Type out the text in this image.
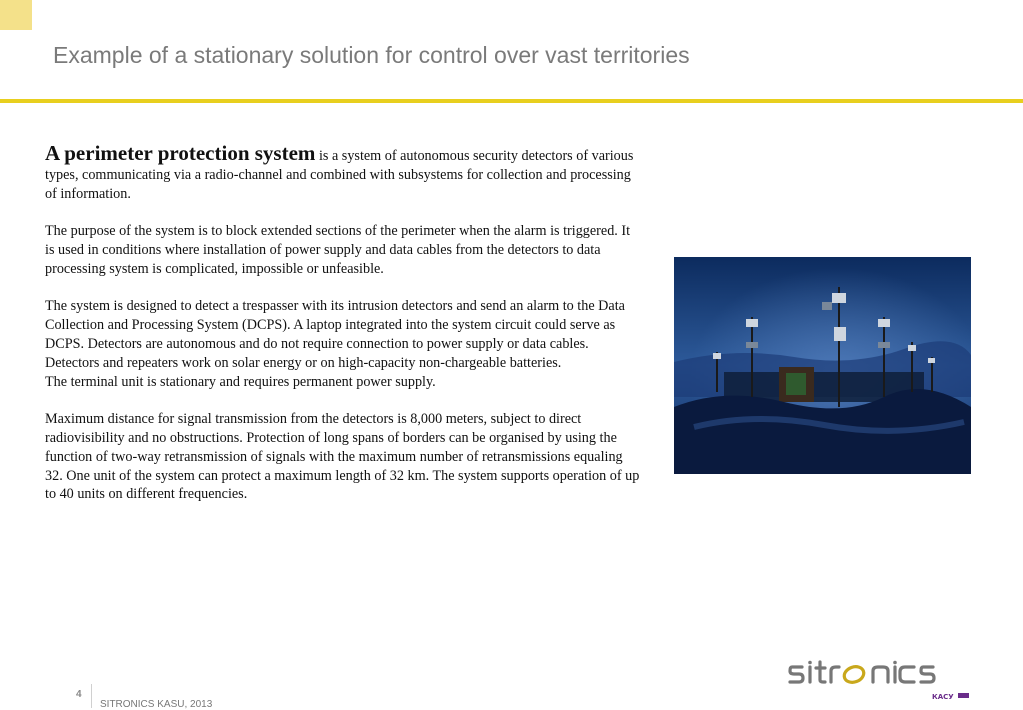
Example of a stationary solution for control over vast territories

A perimeter protection system is a system of autonomous security detectors of various types, communicating via a radio-channel and combined with subsystems for collection and processing of information.

The purpose of the system is to block extended sections of the perimeter when the alarm is triggered. It is used in conditions where installation of power supply and data cables from the detectors to data processing system is complicated, impossible or unfeasible.

The system is designed to detect a trespasser with its intrusion detectors and send an alarm to the Data Collection and Processing System (DCPS). A laptop integrated into the system circuit could serve as DCPS. Detectors are autonomous and do not require connection to power supply or data cables. Detectors and repeaters work on solar energy or on high-capacity non-chargeable batteries.

The terminal unit is stationary and requires permanent power supply.

Maximum distance for signal transmission from the detectors is 8,000 meters, subject to direct radiovisibility and no obstructions. Protection of long spans of borders can be organised by using the function of two-way retransmission of signals with the maximum number of retransmissions equaling 32. One unit of the system can protect a maximum length of 32 km. The system supports operation of up to 40 units on different frequencies.

4
SITRONICS KASU, 2013
КАСУ
